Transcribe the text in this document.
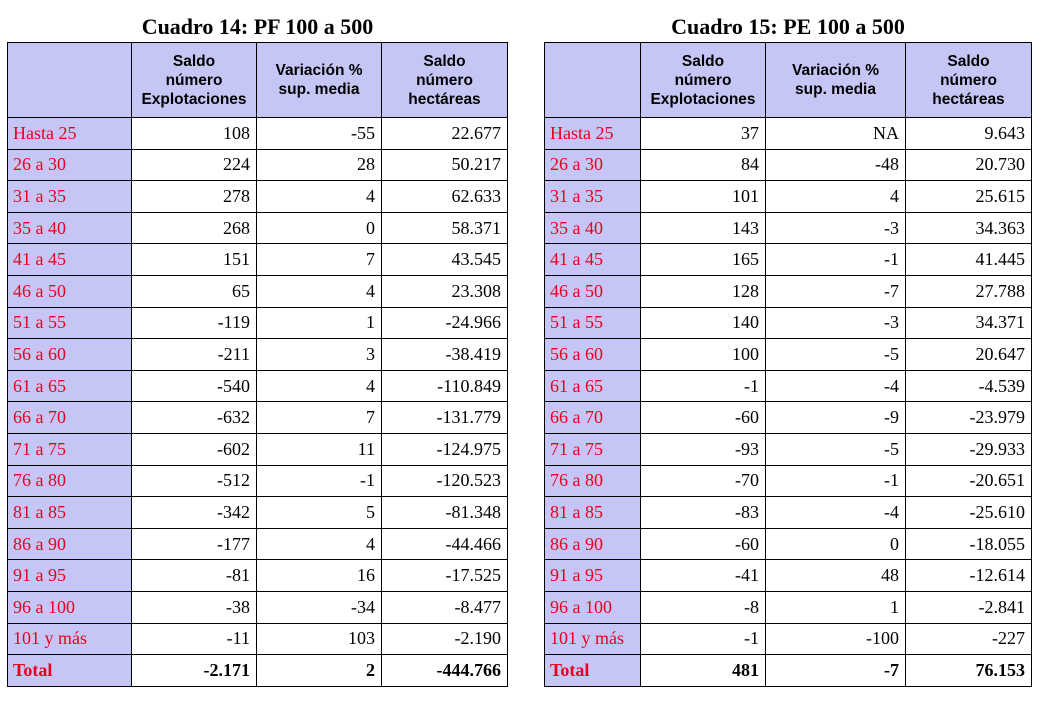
Cuadro 14: PF 100 a 500

	Saldo
número
Explotaciones	Variación %
sup. media	Saldo
número
hectáreas

Hasta 25	108	-55	22.677
26 a 30	224	28	50.217
31 a 35	278	4	62.633
35 a 40	268	0	58.371
41 a 45	151	7	43.545
46 a 50	65	4	23.308
51 a 55	-119	1	-24.966
56 a 60	-211	3	-38.419
61 a 65	-540	4	-110.849
66 a 70	-632	7	-131.779
71 a 75	-602	11	-124.975
76 a 80	-512	-1	-120.523
81 a 85	-342	5	-81.348
86 a 90	-177	4	-44.466
91 a 95	-81	16	-17.525
96 a 100	-38	-34	-8.477
101 y más	-11	103	-2.190
Total	-2.171	2	-444.766
Cuadro 15: PE 100 a 500

	Saldo
número
Explotaciones	Variación %
sup. media	Saldo
número
hectáreas

Hasta 25	37	NA	9.643
26 a 30	84	-48	20.730
31 a 35	101	4	25.615
35 a 40	143	-3	34.363
41 a 45	165	-1	41.445
46 a 50	128	-7	27.788
51 a 55	140	-3	34.371
56 a 60	100	-5	20.647
61 a 65	-1	-4	-4.539
66 a 70	-60	-9	-23.979
71 a 75	-93	-5	-29.933
76 a 80	-70	-1	-20.651
81 a 85	-83	-4	-25.610
86 a 90	-60	0	-18.055
91 a 95	-41	48	-12.614
96 a 100	-8	1	-2.841
101 y más	-1	-100	-227
Total	481	-7	76.153
